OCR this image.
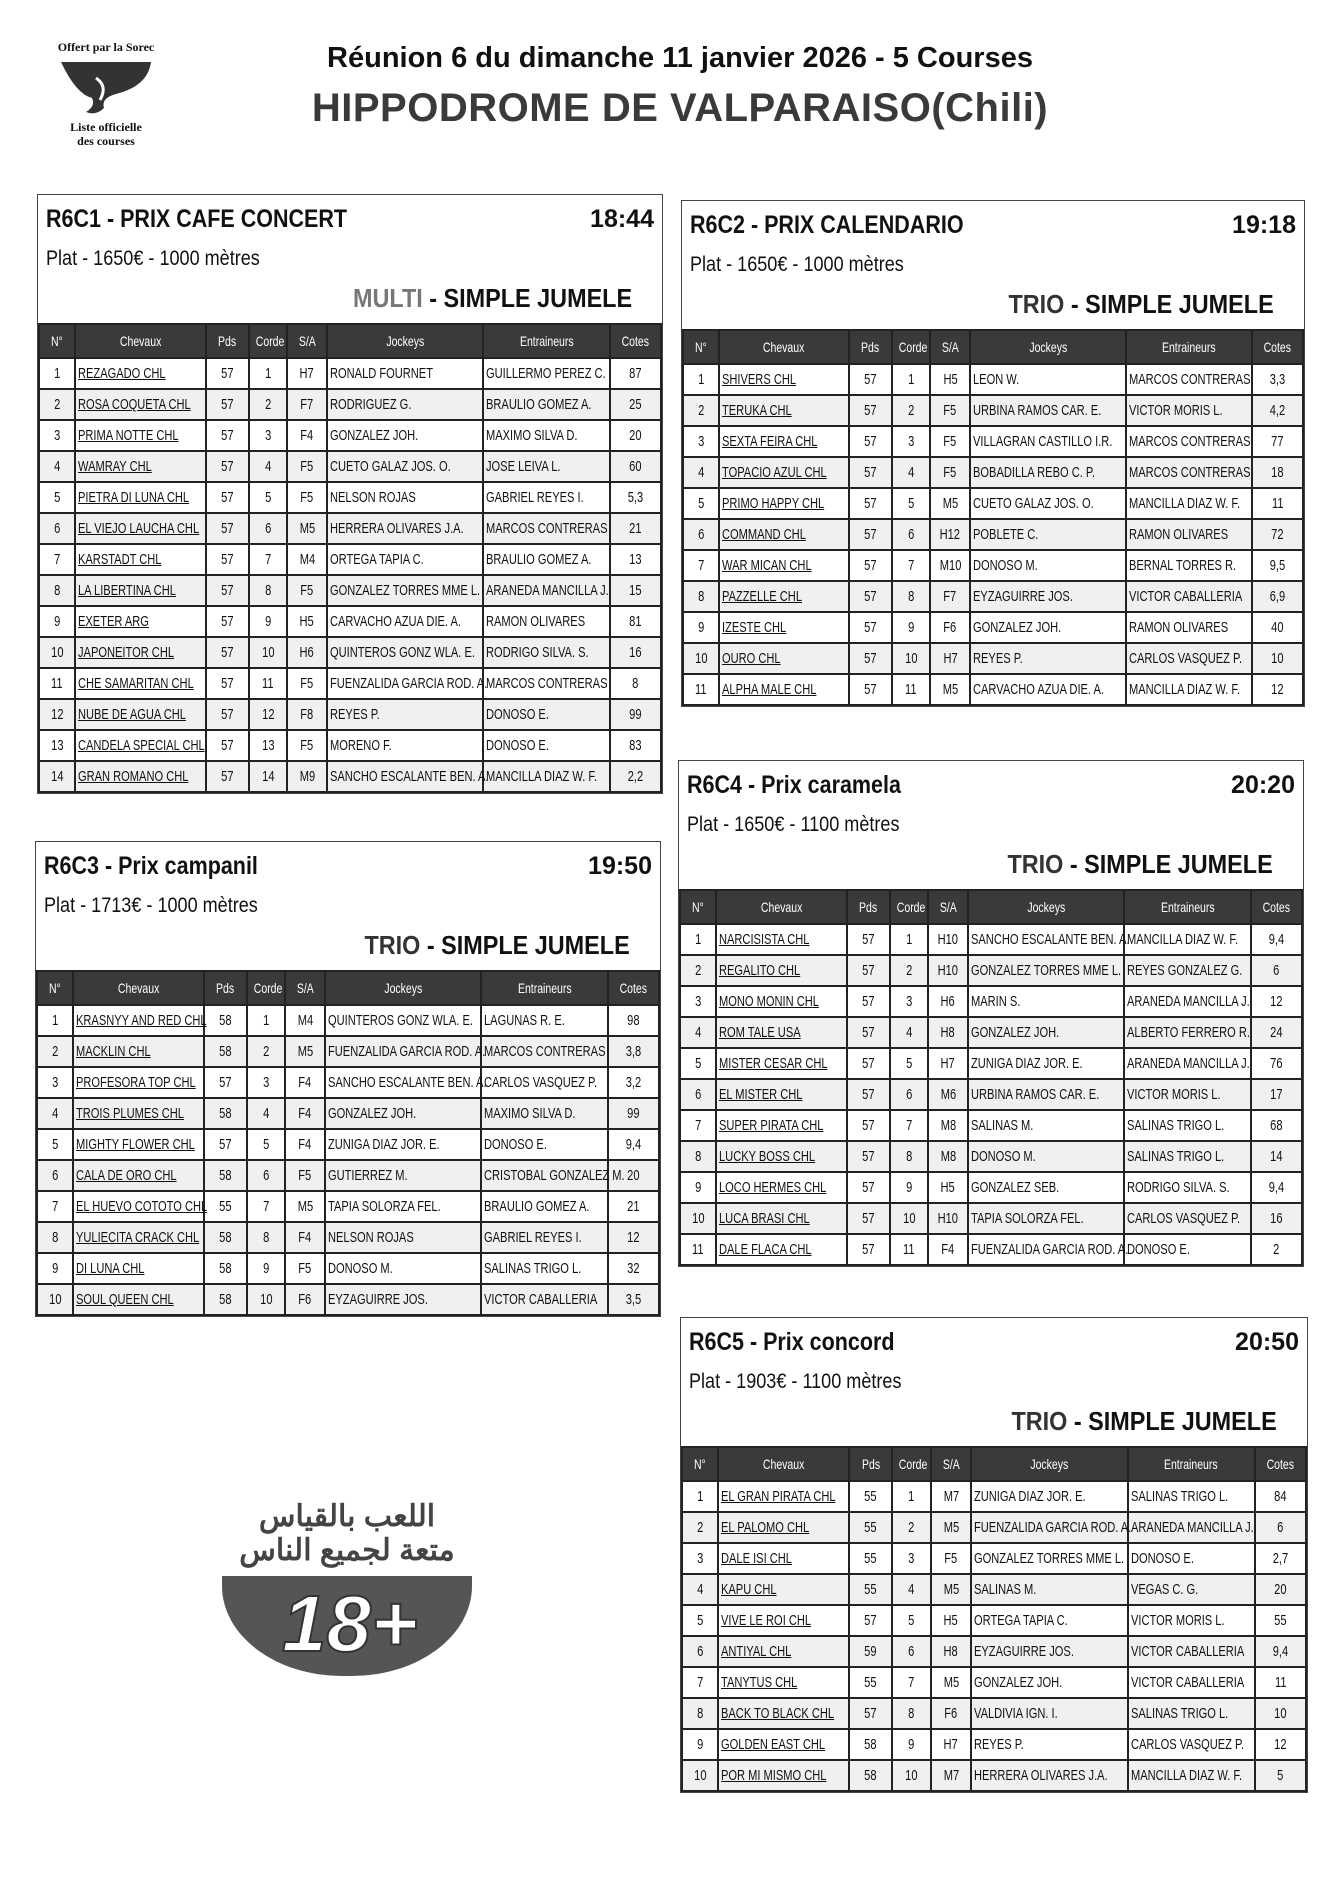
Offert par la Sorec
Liste officielle
des courses
Réunion 6 du dimanche 11 janvier 2026 - 5 Courses
HIPPODROME DE VALPARAISO(Chili)
R6C1 - PRIX CAFE CONCERT	18:44
Plat - 1650€ - 1000 mètres
MULTI - SIMPLE JUMELE
N°	Chevaux	Pds	Corde	S/A	Jockeys	Entraineurs	Cotes
1	REZAGADO CHL	57	1	H7	RONALD FOURNET	GUILLERMO PEREZ C.	87
2	ROSA COQUETA CHL	57	2	F7	RODRIGUEZ G.	BRAULIO GOMEZ A.	25
3	PRIMA NOTTE CHL	57	3	F4	GONZALEZ JOH.	MAXIMO SILVA D.	20
4	WAMRAY CHL	57	4	F5	CUETO GALAZ JOS. O.	JOSE LEIVA L.	60
5	PIETRA DI LUNA CHL	57	5	F5	NELSON ROJAS	GABRIEL REYES I.	5,3
6	EL VIEJO LAUCHA CHL	57	6	M5	HERRERA OLIVARES J.A.	MARCOS CONTRERAS	21
7	KARSTADT CHL	57	7	M4	ORTEGA TAPIA C.	BRAULIO GOMEZ A.	13
8	LA LIBERTINA CHL	57	8	F5	GONZALEZ TORRES MME L.	ARANEDA MANCILLA J.	15
9	EXETER ARG	57	9	H5	CARVACHO AZUA DIE. A.	RAMON OLIVARES	81
10	JAPONEITOR CHL	57	10	H6	QUINTEROS GONZ WLA. E.	RODRIGO SILVA. S.	16
11	CHE SAMARITAN CHL	57	11	F5	FUENZALIDA GARCIA ROD. A.	MARCOS CONTRERAS	8
12	NUBE DE AGUA CHL	57	12	F8	REYES P.	DONOSO E.	99
13	CANDELA SPECIAL CHL	57	13	F5	MORENO F.	DONOSO E.	83
14	GRAN ROMANO CHL	57	14	M9	SANCHO ESCALANTE BEN. A.	MANCILLA DIAZ W. F.	2,2
R6C2 - PRIX CALENDARIO	19:18
Plat - 1650€ - 1000 mètres
TRIO - SIMPLE JUMELE
N°	Chevaux	Pds	Corde	S/A	Jockeys	Entraineurs	Cotes
1	SHIVERS CHL	57	1	H5	LEON W.	MARCOS CONTRERAS	3,3
2	TERUKA CHL	57	2	F5	URBINA RAMOS CAR. E.	VICTOR MORIS L.	4,2
3	SEXTA FEIRA CHL	57	3	F5	VILLAGRAN CASTILLO I.R.	MARCOS CONTRERAS	77
4	TOPACIO AZUL CHL	57	4	F5	BOBADILLA REBO C. P.	MARCOS CONTRERAS	18
5	PRIMO HAPPY CHL	57	5	M5	CUETO GALAZ JOS. O.	MANCILLA DIAZ W. F.	11
6	COMMAND CHL	57	6	H12	POBLETE C.	RAMON OLIVARES	72
7	WAR MICAN CHL	57	7	M10	DONOSO M.	BERNAL TORRES R.	9,5
8	PAZZELLE CHL	57	8	F7	EYZAGUIRRE JOS.	VICTOR CABALLERIA	6,9
9	IZESTE CHL	57	9	F6	GONZALEZ JOH.	RAMON OLIVARES	40
10	OURO CHL	57	10	H7	REYES P.	CARLOS VASQUEZ P.	10
11	ALPHA MALE CHL	57	11	M5	CARVACHO AZUA DIE. A.	MANCILLA DIAZ W. F.	12
R6C3 - Prix campanil	19:50
Plat - 1713€ - 1000 mètres
TRIO - SIMPLE JUMELE
N°	Chevaux	Pds	Corde	S/A	Jockeys	Entraineurs	Cotes
1	KRASNYY AND RED CHL	58	1	M4	QUINTEROS GONZ WLA. E.	LAGUNAS R. E.	98
2	MACKLIN CHL	58	2	M5	FUENZALIDA GARCIA ROD. A.	MARCOS CONTRERAS	3,8
3	PROFESORA TOP CHL	57	3	F4	SANCHO ESCALANTE BEN. A.	CARLOS VASQUEZ P.	3,2
4	TROIS PLUMES CHL	58	4	F4	GONZALEZ JOH.	MAXIMO SILVA D.	99
5	MIGHTY FLOWER CHL	57	5	F4	ZUNIGA DIAZ JOR. E.	DONOSO E.	9,4
6	CALA DE ORO CHL	58	6	F5	GUTIERREZ M.	CRISTOBAL GONZALEZ M.	20
7	EL HUEVO COTOTO CHL	55	7	M5	TAPIA SOLORZA FEL.	BRAULIO GOMEZ A.	21
8	YULIECITA CRACK CHL	58	8	F4	NELSON ROJAS	GABRIEL REYES I.	12
9	DI LUNA CHL	58	9	F5	DONOSO M.	SALINAS TRIGO L.	32
10	SOUL QUEEN CHL	58	10	F6	EYZAGUIRRE JOS.	VICTOR CABALLERIA	3,5
R6C4 - Prix caramela	20:20
Plat - 1650€ - 1100 mètres
TRIO - SIMPLE JUMELE
N°	Chevaux	Pds	Corde	S/A	Jockeys	Entraineurs	Cotes
1	NARCISISTA CHL	57	1	H10	SANCHO ESCALANTE BEN. A.	MANCILLA DIAZ W. F.	9,4
2	REGALITO CHL	57	2	H10	GONZALEZ TORRES MME L.	REYES GONZALEZ G.	6
3	MONO MONIN CHL	57	3	H6	MARIN S.	ARANEDA MANCILLA J.	12
4	ROM TALE USA	57	4	H8	GONZALEZ JOH.	ALBERTO FERRERO R.	24
5	MISTER CESAR CHL	57	5	H7	ZUNIGA DIAZ JOR. E.	ARANEDA MANCILLA J.	76
6	EL MISTER CHL	57	6	M6	URBINA RAMOS CAR. E.	VICTOR MORIS L.	17
7	SUPER PIRATA CHL	57	7	M8	SALINAS M.	SALINAS TRIGO L.	68
8	LUCKY BOSS CHL	57	8	M8	DONOSO M.	SALINAS TRIGO L.	14
9	LOCO HERMES CHL	57	9	H5	GONZALEZ SEB.	RODRIGO SILVA. S.	9,4
10	LUCA BRASI CHL	57	10	H10	TAPIA SOLORZA FEL.	CARLOS VASQUEZ P.	16
11	DALE FLACA CHL	57	11	F4	FUENZALIDA GARCIA ROD. A.	DONOSO E.	2
R6C5 - Prix concord	20:50
Plat - 1903€ - 1100 mètres
TRIO - SIMPLE JUMELE
N°	Chevaux	Pds	Corde	S/A	Jockeys	Entraineurs	Cotes
1	EL GRAN PIRATA CHL	55	1	M7	ZUNIGA DIAZ JOR. E.	SALINAS TRIGO L.	84
2	EL PALOMO CHL	55	2	M5	FUENZALIDA GARCIA ROD. A.	ARANEDA MANCILLA J.	6
3	DALE ISI CHL	55	3	F5	GONZALEZ TORRES MME L.	DONOSO E.	2,7
4	KAPU CHL	55	4	M5	SALINAS M.	VEGAS C. G.	20
5	VIVE LE ROI CHL	57	5	H5	ORTEGA TAPIA C.	VICTOR MORIS L.	55
6	ANTIYAL CHL	59	6	H8	EYZAGUIRRE JOS.	VICTOR CABALLERIA	9,4
7	TANYTUS CHL	55	7	M5	GONZALEZ JOH.	VICTOR CABALLERIA	11
8	BACK TO BLACK CHL	57	8	F6	VALDIVIA IGN. I.	SALINAS TRIGO L.	10
9	GOLDEN EAST CHL	58	9	H7	REYES P.	CARLOS VASQUEZ P.	12
10	POR MI MISMO CHL	58	10	M7	HERRERA OLIVARES J.A.	MANCILLA DIAZ W. F.	5
اللعب بالقياس
متعة لجميع الناس
18+
